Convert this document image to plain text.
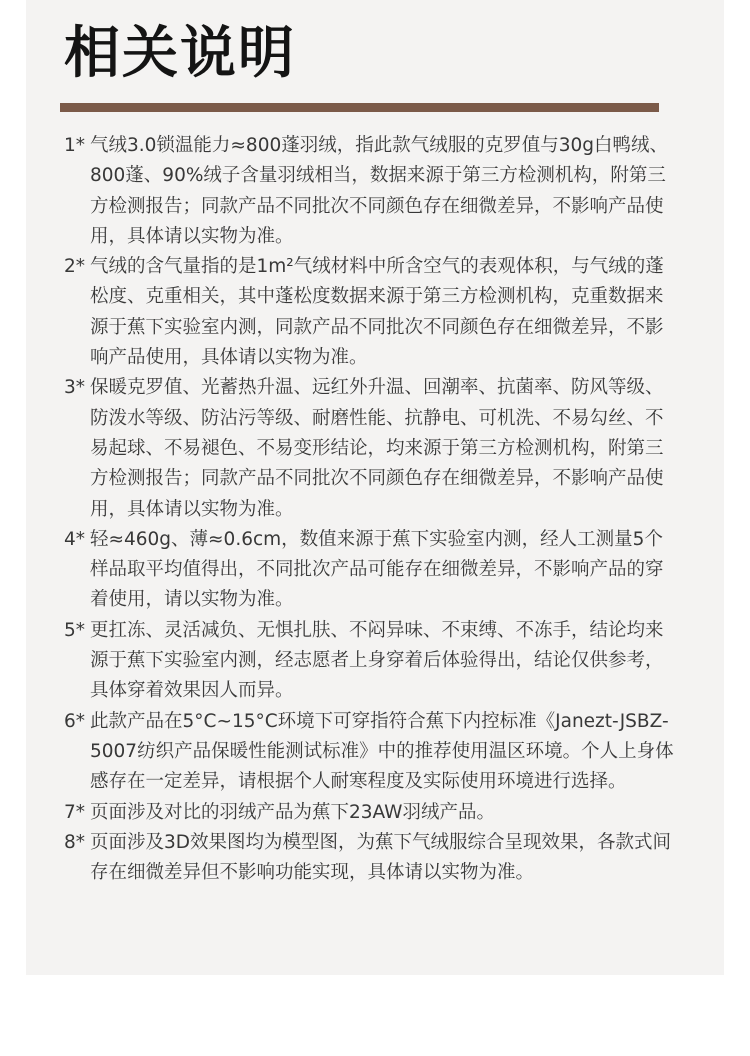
相关说明
1* 气绒3.0锁温能力≈800蓬羽绒，指此款气绒服的克罗值与30g白鸭绒、800蓬、90%绒子含量羽绒相当，数据来源于第三方检测机构，附第三方检测报告；同款产品不同批次不同颜色存在细微差异，不影响产品使用，具体请以实物为准。
2* 气绒的含气量指的是1m²气绒材料中所含空气的表观体积，与气绒的蓬松度、克重相关，其中蓬松度数据来源于第三方检测机构，克重数据来源于蕉下实验室内测，同款产品不同批次不同颜色存在细微差异，不影响产品使用，具体请以实物为准。
3* 保暖克罗值、光蓄热升温、远红外升温、回潮率、抗菌率、防风等级、防泼水等级、防沾污等级、耐磨性能、抗静电、可机洗、不易勾丝、不易起球、不易褪色、不易变形结论，均来源于第三方检测机构，附第三方检测报告；同款产品不同批次不同颜色存在细微差异，不影响产品使用，具体请以实物为准。
4* 轻≈460g、薄≈0.6cm，数值来源于蕉下实验室内测，经人工测量5个样品取平均值得出，不同批次产品可能存在细微差异，不影响产品的穿着使用，请以实物为准。
5* 更扛冻、灵活减负、无惧扎肤、不闷异味、不束缚、不冻手，结论均来源于蕉下实验室内测，经志愿者上身穿着后体验得出，结论仅供参考，具体穿着效果因人而异。
6* 此款产品在5°C~15°C环境下可穿指符合蕉下内控标准《Janezt-JSBZ-5007纺织产品保暖性能测试标准》中的推荐使用温区环境。个人上身体感存在一定差异，请根据个人耐寒程度及实际使用环境进行选择。
7* 页面涉及对比的羽绒产品为蕉下23AW羽绒产品。
8* 页面涉及3D效果图均为模型图，为蕉下气绒服综合呈现效果，各款式间存在细微差异但不影响功能实现，具体请以实物为准。
